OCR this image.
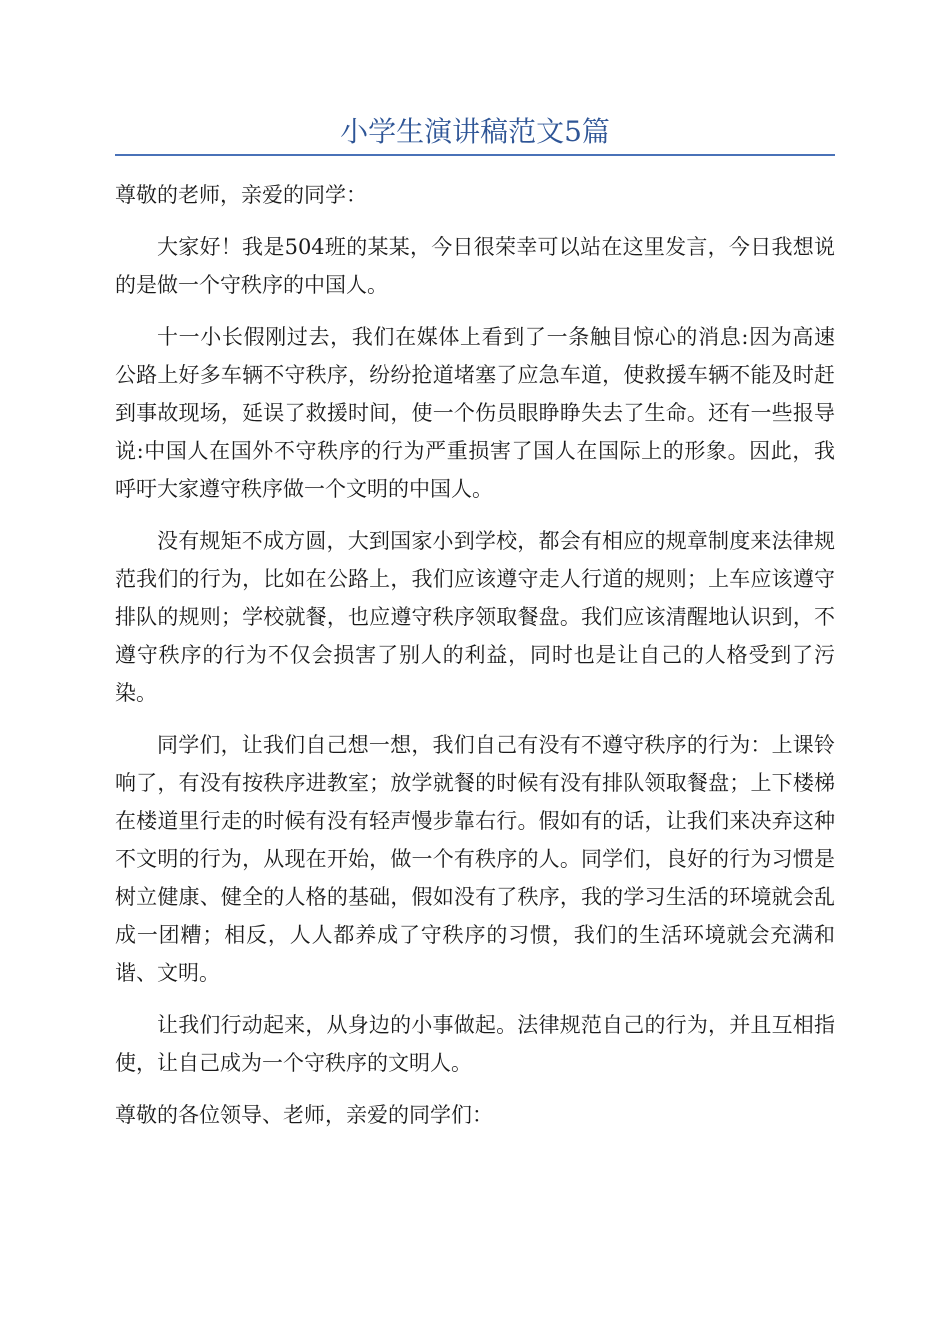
小学生演讲稿范文5篇

尊敬的老师，亲爱的同学：

大家好！我是504班的某某，今日很荣幸可以站在这里发言，今日我想说的是做一个守秩序的中国人。

十一小长假刚过去，我们在媒体上看到了一条触目惊心的消息:因为高速公路上好多车辆不守秩序，纷纷抢道堵塞了应急车道，使救援车辆不能及时赶到事故现场，延误了救援时间，使一个伤员眼睁睁失去了生命。还有一些报导说:中国人在国外不守秩序的行为严重损害了国人在国际上的形象。因此，我呼吁大家遵守秩序做一个文明的中国人。

没有规矩不成方圆，大到国家小到学校，都会有相应的规章制度来法律规范我们的行为，比如在公路上，我们应该遵守走人行道的规则；上车应该遵守排队的规则；学校就餐，也应遵守秩序领取餐盘。我们应该清醒地认识到，不遵守秩序的行为不仅会损害了别人的利益，同时也是让自己的人格受到了污染。

同学们，让我们自己想一想，我们自己有没有不遵守秩序的行为：上课铃响了，有没有按秩序进教室；放学就餐的时候有没有排队领取餐盘；上下楼梯在楼道里行走的时候有没有轻声慢步靠右行。假如有的话，让我们来决弃这种不文明的行为，从现在开始，做一个有秩序的人。同学们，良好的行为习惯是树立健康、健全的人格的基础，假如没有了秩序，我的学习生活的环境就会乱成一团糟；相反，人人都养成了守秩序的习惯，我们的生活环境就会充满和谐、文明。

让我们行动起来，从身边的小事做起。法律规范自己的行为，并且互相指使，让自己成为一个守秩序的文明人。

尊敬的各位领导、老师，亲爱的同学们：
